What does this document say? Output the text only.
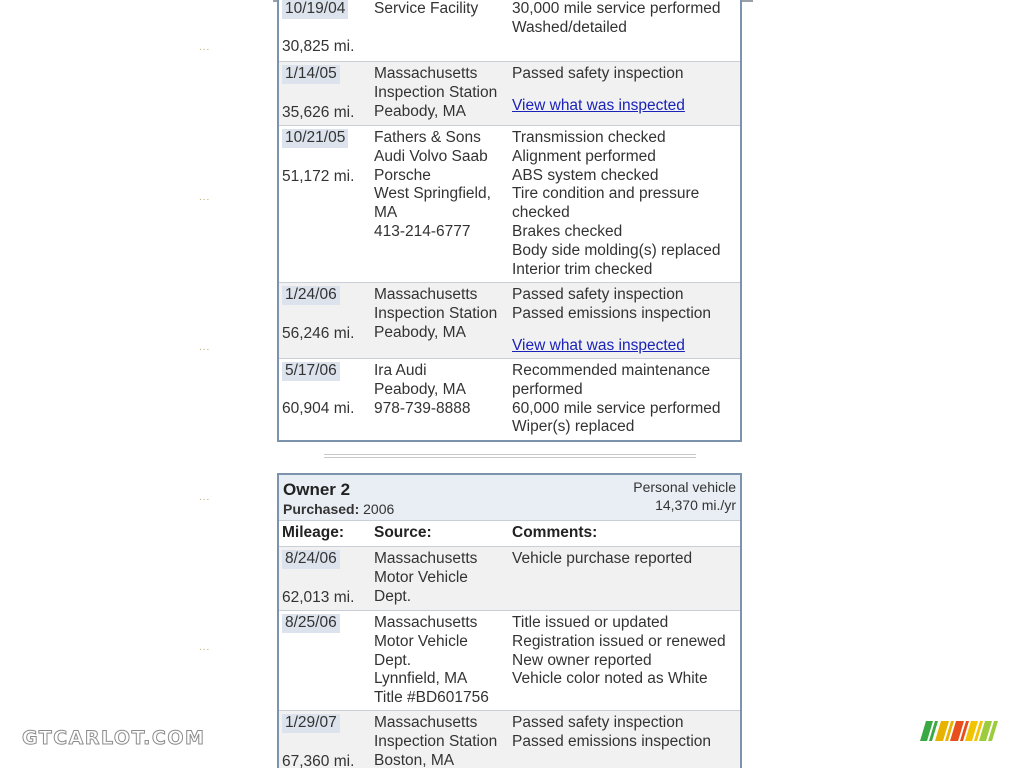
...
...
...
...
...
10/19/04
30,825 mi.
Service Facility	30,000 mile service performed
Washed/detailed
1/14/05
35,626 mi.
Massachusetts
Inspection Station
Peabody, MA
Passed safety inspection
View what was inspected
10/21/05
51,172 mi.
Fathers & Sons
Audi Volvo Saab
Porsche
West Springfield,
MA
413-214-6777
Transmission checked
Alignment performed
ABS system checked
Tire condition and pressure
checked
Brakes checked
Body side molding(s) replaced
Interior trim checked
1/24/06
56,246 mi.
Massachusetts
Inspection Station
Peabody, MA
Passed safety inspection
Passed emissions inspection
View what was inspected
5/17/06
60,904 mi.
Ira Audi
Peabody, MA
978-739-8888
Recommended maintenance
performed
60,000 mile service performed
Wiper(s) replaced
Owner 2
Purchased: 2006
Personal vehicle
14,370 mi./yr
Mileage: Source:	Comments:
8/24/06
62,013 mi.
Massachusetts
Motor Vehicle
Dept.
Vehicle purchase reported
8/25/06 Massachusetts
Motor Vehicle
Dept.
Lynnfield, MA
Title #BD601756
Title issued or updated
Registration issued or renewed
New owner reported
Vehicle color noted as White
1/29/07
67,360 mi.
Massachusetts
Inspection Station
Boston, MA
Passed safety inspection
Passed emissions inspection
GTCARLOT.COM
